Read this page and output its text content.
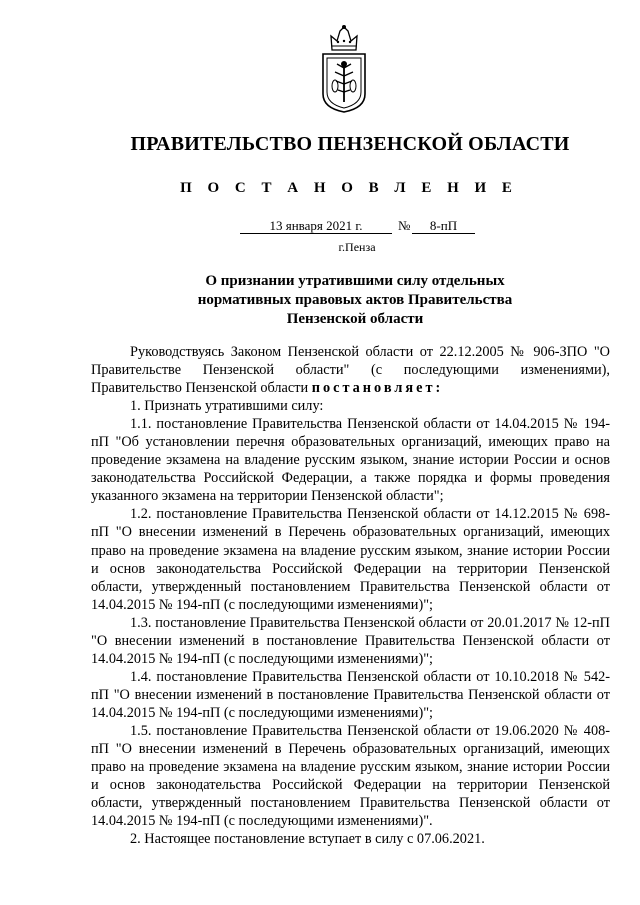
ПРАВИТЕЛЬСТВО ПЕНЗЕНСКОЙ ОБЛАСТИ
П О С Т А Н О В Л Е Н И Е
13 января 2021 г.	№	8-пП
г.Пенза
О признании утратившими силу отдельных
нормативных правовых актов Правительства
Пензенской области

Руководствуясь Законом Пензенской области от 22.12.2005 № 906-ЗПО "О Правительстве Пензенской области" (с последующими изменениями), Правительство Пензенской области постановляет:

1. Признать утратившими силу:

1.1. постановление Правительства Пензенской области от 14.04.2015 № 194-пП "Об установлении перечня образовательных организаций, имеющих право на проведение экзамена на владение русским языком, знание истории России и основ законодательства Российской Федерации, а также порядка и формы проведения указанного экзамена на территории Пензенской области";

1.2. постановление Правительства Пензенской области от 14.12.2015 № 698-пП "О внесении изменений в Перечень образовательных организаций, имеющих право на проведение экзамена на владение русским языком, знание истории России и основ законодательства Российской Федерации на территории Пензенской области, утвержденный постановлением Правительства Пензенской области от 14.04.2015 № 194-пП (с последующими изменениями)";

1.3. постановление Правительства Пензенской области от 20.01.2017 № 12-пП "О внесении изменений в постановление Правительства Пензенской области от 14.04.2015 № 194-пП (с последующими изменениями)";

1.4. постановление Правительства Пензенской области от 10.10.2018 № 542-пП "О внесении изменений в постановление Правительства Пензенской области от 14.04.2015 № 194-пП (с последующими изменениями)";

1.5. постановление Правительства Пензенской области от 19.06.2020 № 408-пП "О внесении изменений в Перечень образовательных организаций, имеющих право на проведение экзамена на владение русским языком, знание истории России и основ законодательства Российской Федерации на территории Пензенской области, утвержденный постановлением Правительства Пензенской области от 14.04.2015 № 194-пП (с последующими изменениями)".

2. Настоящее постановление вступает в силу с 07.06.2021.
